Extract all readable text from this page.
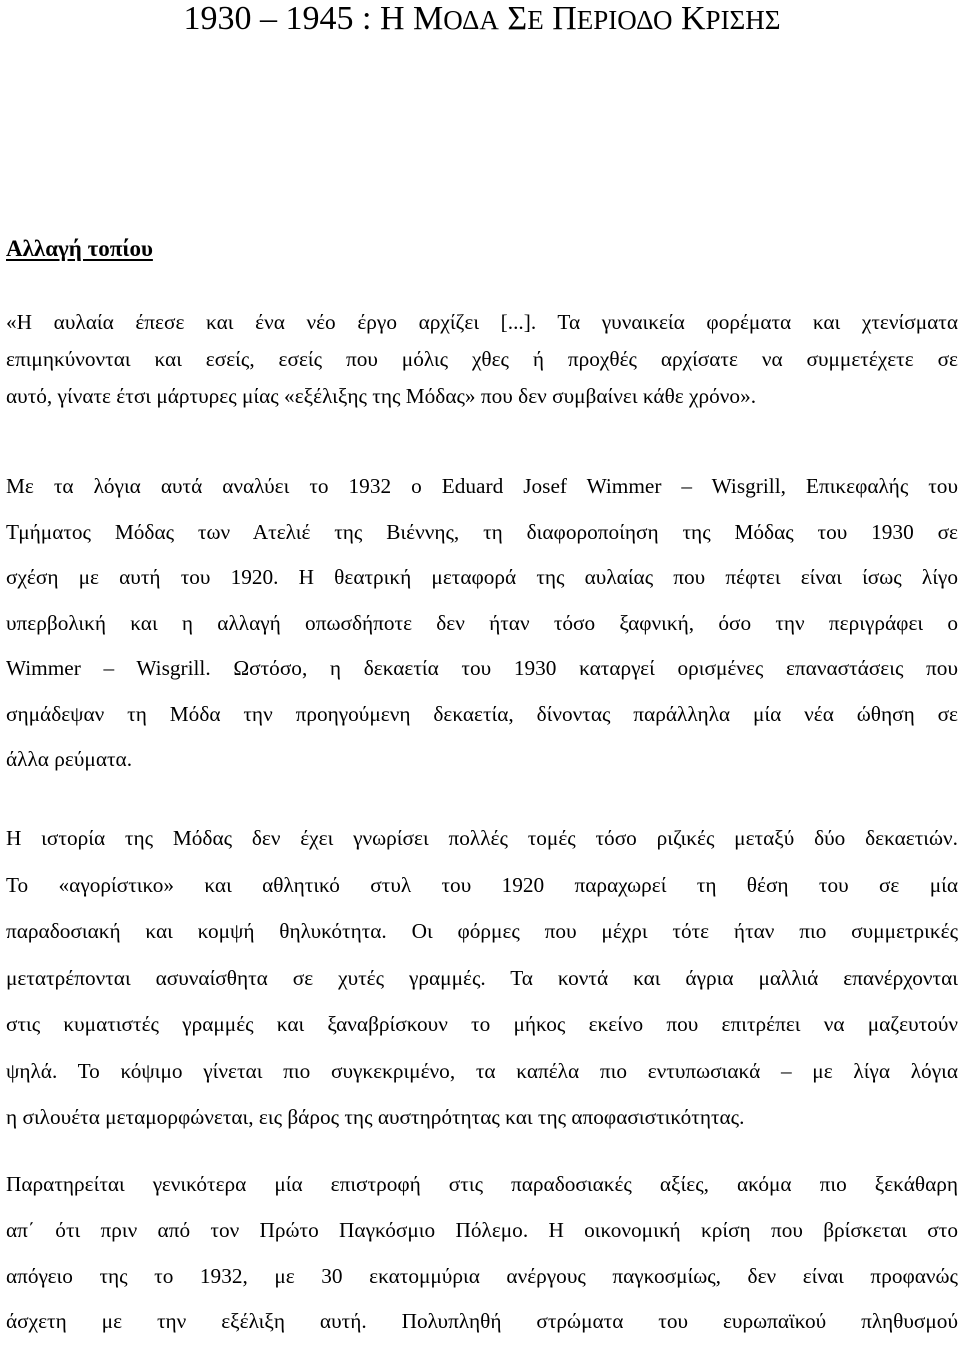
1930 – 1945 : Η ΜΟΔΑ ΣΕ ΠΕΡΙΟΔΟ ΚΡΙΣΗΣ
Αλλαγή τοπίου

«Η αυλαία έπεσε και ένα νέο έργο αρχίζει [...]. Τα γυναικεία φορέματα και χτενίσματα
επιμηκύνονται και εσείς, εσείς που μόλις χθες ή προχθές αρχίσατε να συμμετέχετε σε
αυτό, γίνατε έτσι μάρτυρες μίας «εξέλιξης της Μόδας» που δεν συμβαίνει κάθε χρόνο».

Με τα λόγια αυτά αναλύει το 1932 ο Eduard Josef Wimmer – Wisgrill, Επικεφαλής του
Τμήματος Μόδας των Ατελιέ της Βιέννης, τη διαφοροποίηση της Μόδας του 1930 σε
σχέση με αυτή του 1920. Η θεατρική μεταφορά της αυλαίας που πέφτει είναι ίσως λίγο
υπερβολική και η αλλαγή οπωσδήποτε δεν ήταν τόσο ξαφνική, όσο την περιγράφει ο
Wimmer – Wisgrill. Ωστόσο, η δεκαετία του 1930 καταργεί ορισμένες επαναστάσεις που
σημάδεψαν τη Μόδα την προηγούμενη δεκαετία, δίνοντας παράλληλα μία νέα ώθηση σε
άλλα ρεύματα.

Η ιστορία της Μόδας δεν έχει γνωρίσει πολλές τομές τόσο ριζικές μεταξύ δύο δεκαετιών.
Το «αγορίστικο» και αθλητικό στυλ του 1920 παραχωρεί τη θέση του σε μία
παραδοσιακή και κομψή θηλυκότητα. Οι φόρμες που μέχρι τότε ήταν πιο συμμετρικές
μετατρέπονται ασυναίσθητα σε χυτές γραμμές. Τα κοντά και άγρια μαλλιά επανέρχονται
στις κυματιστές γραμμές και ξαναβρίσκουν το μήκος εκείνο που επιτρέπει να μαζευτούν
ψηλά. Το κόψιμο γίνεται πιο συγκεκριμένο, τα καπέλα πιο εντυπωσιακά – με λίγα λόγια
η σιλουέτα μεταμορφώνεται, εις βάρος της αυστηρότητας και της αποφασιστικότητας.

Παρατηρείται γενικότερα μία επιστροφή στις παραδοσιακές αξίες, ακόμα πιο ξεκάθαρη
απ΄ ότι πριν από τον Πρώτο Παγκόσμιο Πόλεμο. Η οικονομική κρίση που βρίσκεται στο
απόγειο της το 1932, με 30 εκατομμύρια ανέργους παγκοσμίως, δεν είναι προφανώς
άσχετη με την εξέλιξη αυτή. Πολυπληθή στρώματα του ευρωπαϊκού πληθυσμού
